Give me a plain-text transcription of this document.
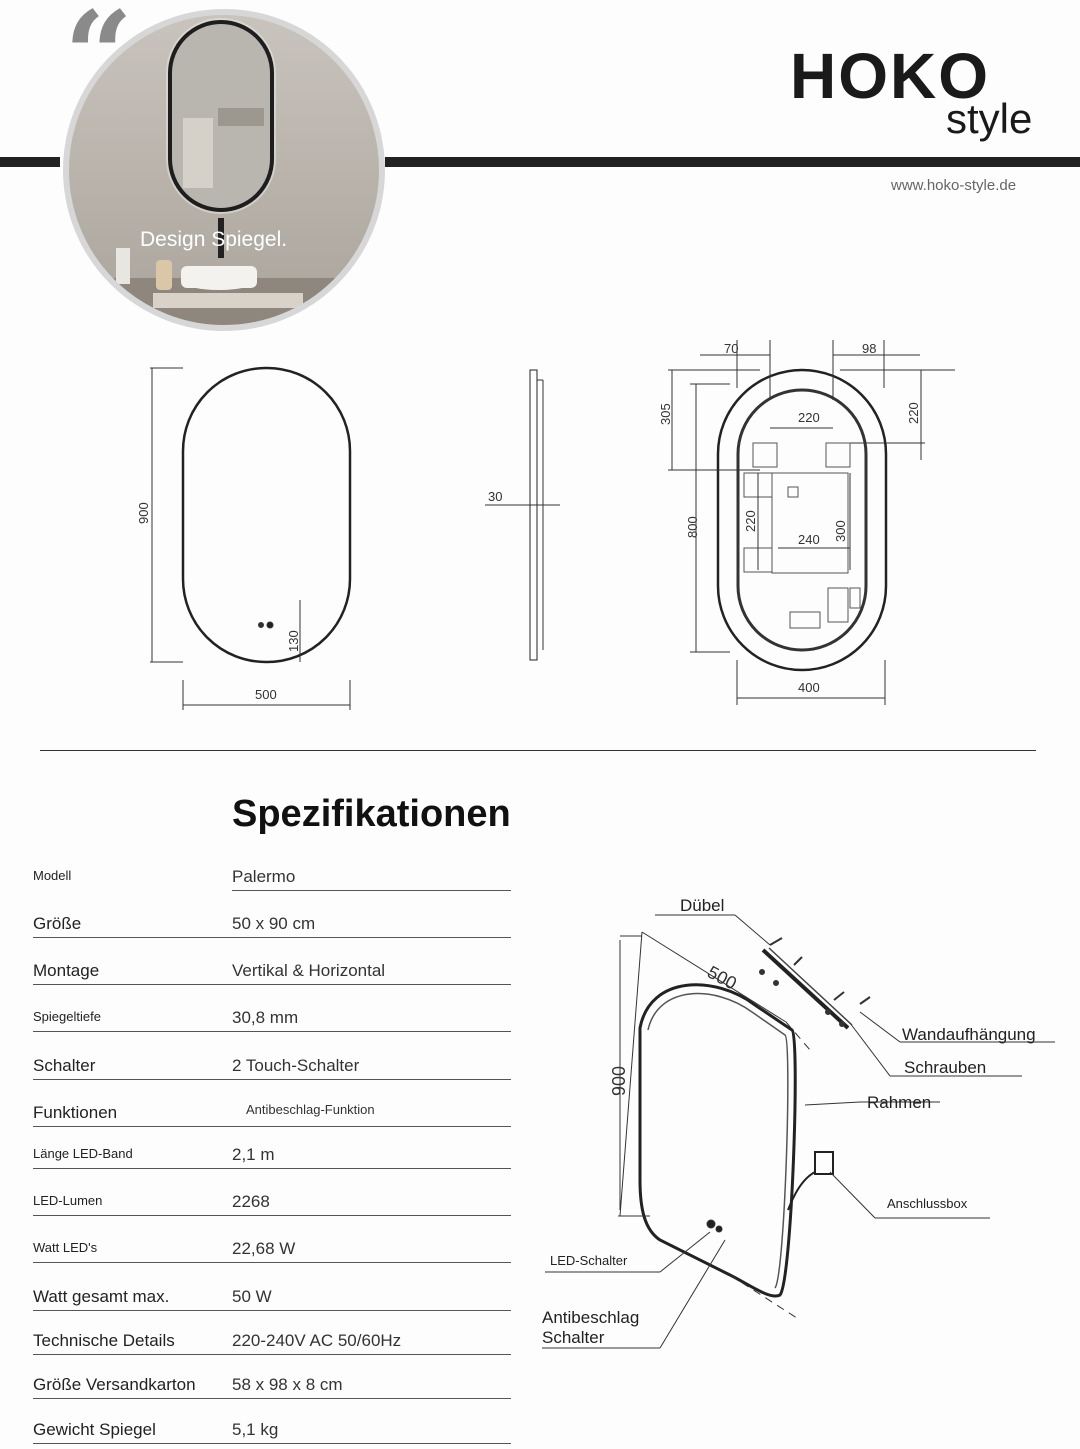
“
Design Spiegel.
HOKO
style
www.hoko-style.de
900
500
130
30
70	98
305	220
220
800	220
240 300
400
Spezifikationen
Modell	Palermo
Größe	50 x 90 cm
Montage	Vertikal & Horizontal
Spiegeltiefe	30,8 mm
Schalter	2 Touch-Schalter
Funktionen	Antibeschlag-Funktion
Länge LED-Band	2,1 m
LED-Lumen	2268
Watt LED's	22,68 W
Watt gesamt max.	50 W
Technische Details	220-240V AC 50/60Hz
Größe Versandkarton 58 x 98 x 8 cm
Gewicht Spiegel	5,1 kg
Dübel
500
900
Wandaufhängung
Schrauben
Rahmen
Anschlussbox
LED-Schalter
Antibeschlag
Schalter
